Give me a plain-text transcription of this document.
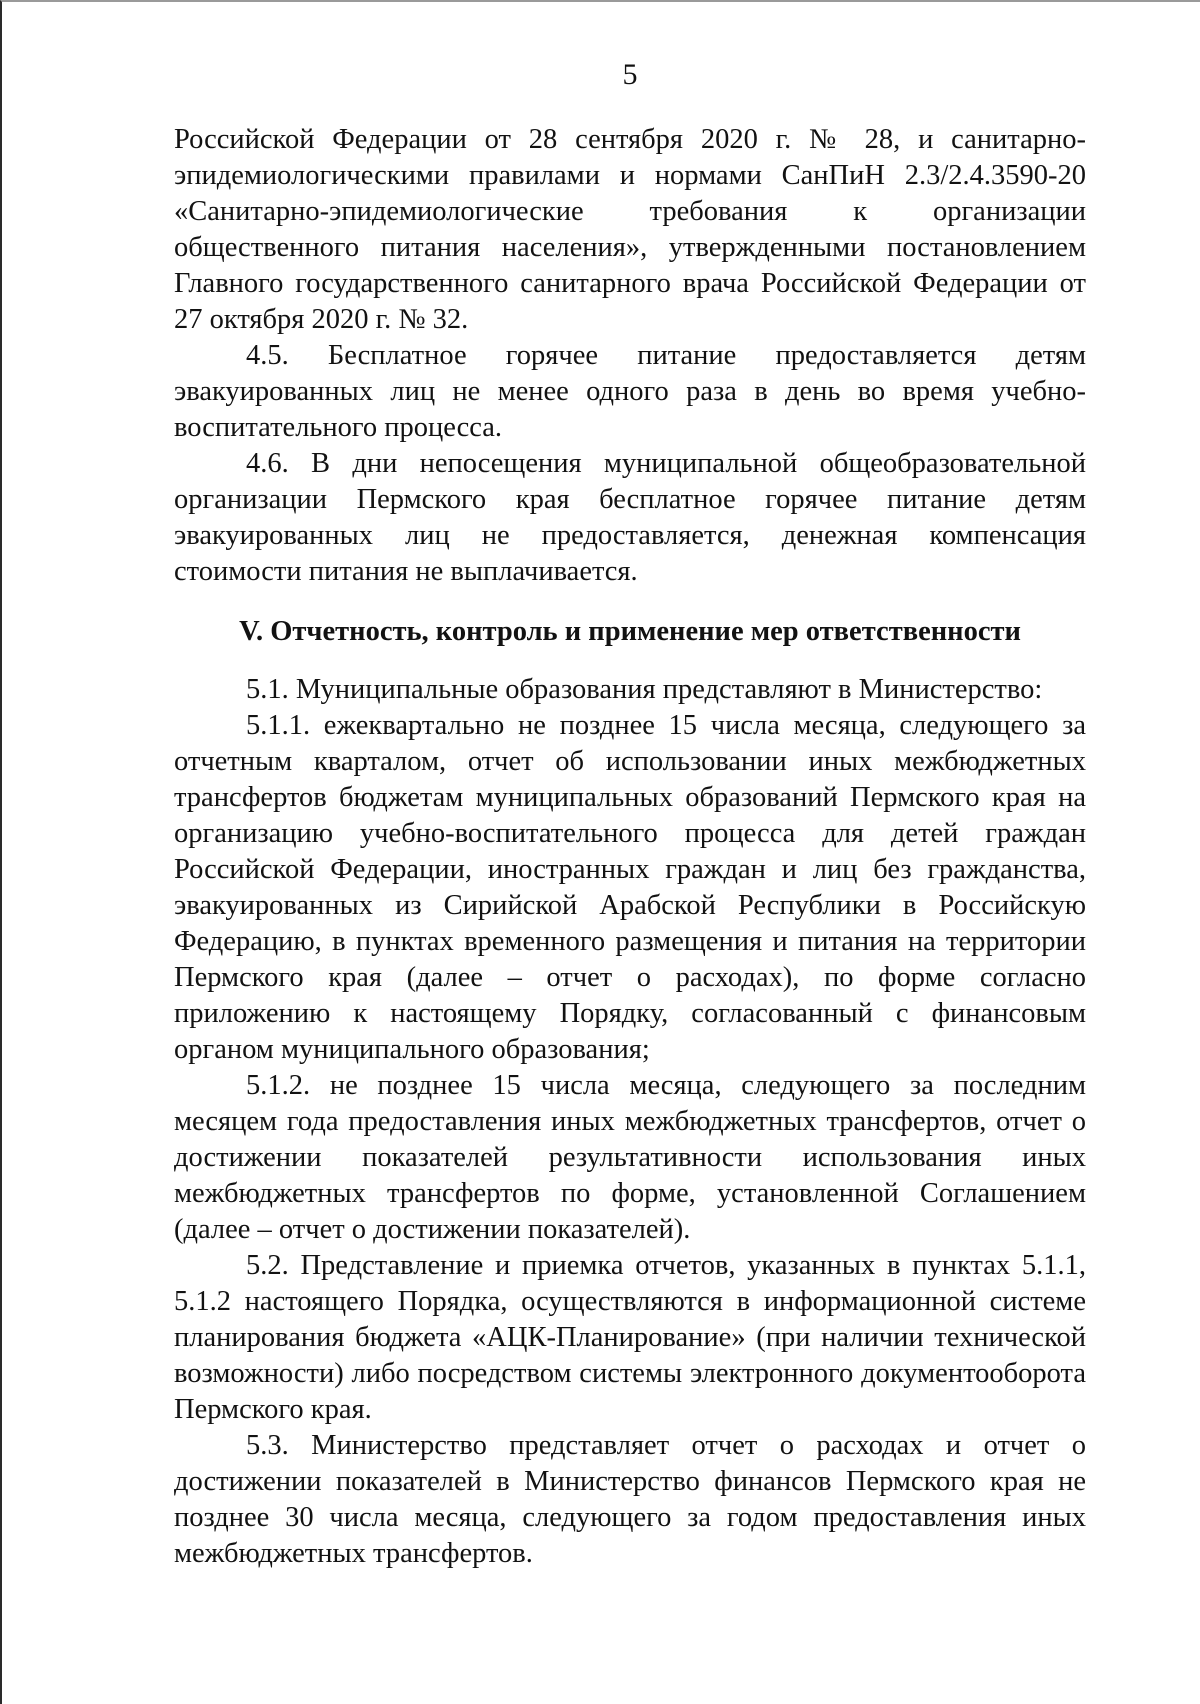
5

Российской Федерации от 28 сентября 2020 г. № 28, и санитарно-эпидемиологическими правилами и нормами СанПиН 2.3/2.4.3590-20 «Санитарно-эпидемиологические требования к организации общественного питания населения», утвержденными постановлением Главного государственного санитарного врача Российской Федерации от 27 октября 2020 г. № 32.

4.5. Бесплатное горячее питание предоставляется детям эвакуированных лиц не менее одного раза в день во время учебно-воспитательного процесса.

4.6. В дни непосещения муниципальной общеобразовательной организации Пермского края бесплатное горячее питание детям эвакуированных лиц не предоставляется, денежная компенсация стоимости питания не выплачивается.

V. Отчетность, контроль и применение мер ответственности

5.1. Муниципальные образования представляют в Министерство:

5.1.1. ежеквартально не позднее 15 числа месяца, следующего за отчетным кварталом, отчет об использовании иных межбюджетных трансфертов бюджетам муниципальных образований Пермского края на организацию учебно-воспитательного процесса для детей граждан Российской Федерации, иностранных граждан и лиц без гражданства, эвакуированных из Сирийской Арабской Республики в Российскую Федерацию, в пунктах временного размещения и питания на территории Пермского края (далее – отчет о расходах), по форме согласно приложению к настоящему Порядку, согласованный с финансовым органом муниципального образования;

5.1.2. не позднее 15 числа месяца, следующего за последним месяцем года предоставления иных межбюджетных трансфертов, отчет о достижении показателей результативности использования иных межбюджетных трансфертов по форме, установленной Соглашением (далее – отчет о достижении показателей).

5.2. Представление и приемка отчетов, указанных в пунктах 5.1.1, 5.1.2 настоящего Порядка, осуществляются в информационной системе планирования бюджета «АЦК-Планирование» (при наличии технической возможности) либо посредством системы электронного документооборота Пермского края.

5.3. Министерство представляет отчет о расходах и отчет о достижении показателей в Министерство финансов Пермского края не позднее 30 числа месяца, следующего за годом предоставления иных межбюджетных трансфертов.
